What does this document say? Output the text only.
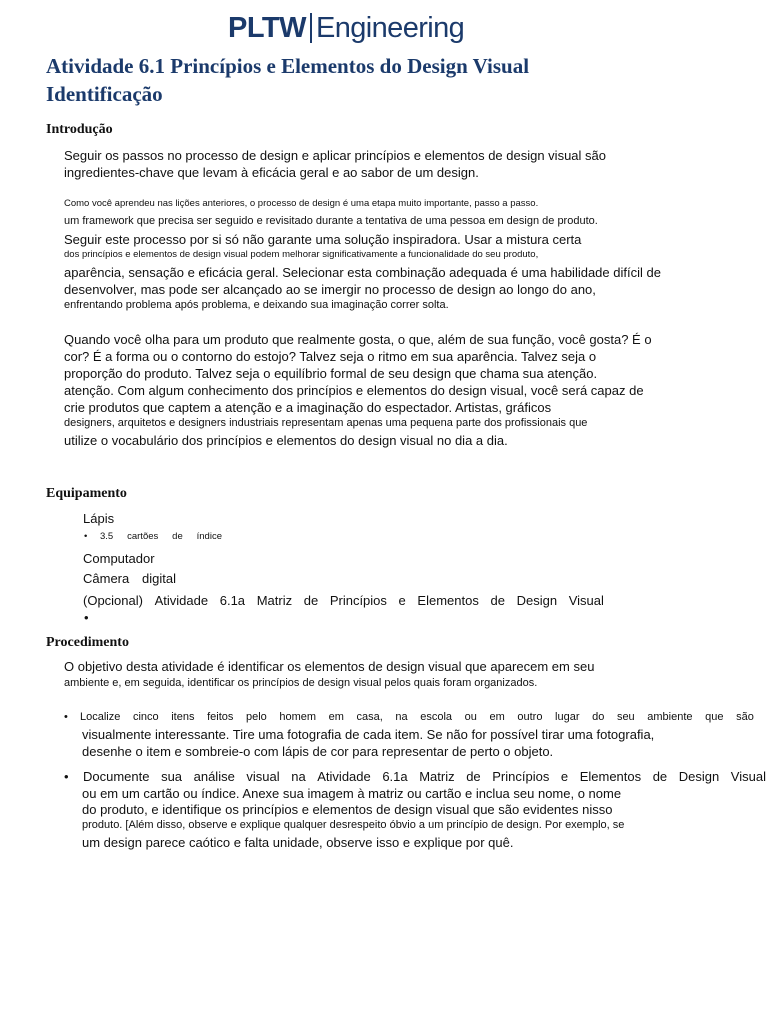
PLTW Engineering
Atividade 6.1 Princípios e Elementos do Design Visual
Identificação
Introdução
Seguir os passos no processo de design e aplicar princípios e elementos de design visual são
ingredientes-chave que levam à eficácia geral e ao sabor de um design.
Como você aprendeu nas lições anteriores, o processo de design é uma etapa muito importante, passo a passo.
um framework que precisa ser seguido e revisitado durante a tentativa de uma pessoa em design de produto.
Seguir este processo por si só não garante uma solução inspiradora. Usar a mistura certa
dos princípios e elementos de design visual podem melhorar significativamente a funcionalidade do seu produto,
aparência, sensação e eficácia geral. Selecionar esta combinação adequada é uma habilidade difícil de
desenvolver, mas pode ser alcançado ao se imergir no processo de design ao longo do ano,
enfrentando problema após problema, e deixando sua imaginação correr solta.
Quando você olha para um produto que realmente gosta, o que, além de sua função, você gosta? É o
cor? É a forma ou o contorno do estojo? Talvez seja o ritmo em sua aparência. Talvez seja o
proporção do produto. Talvez seja o equilíbrio formal de seu design que chama sua atenção.
atenção. Com algum conhecimento dos princípios e elementos do design visual, você será capaz de
crie produtos que captem a atenção e a imaginação do espectador. Artistas, gráficos
designers, arquitetos e designers industriais representam apenas uma pequena parte dos profissionais que
utilize o vocabulário dos princípios e elementos do design visual no dia a dia.
Equipamento
Lápis
• 3.5 cartões de índice
Computador
Câmera digital
(Opcional) Atividade 6.1a Matriz de Princípios e Elementos de Design Visual
•
Procedimento
O objetivo desta atividade é identificar os elementos de design visual que aparecem em seu
ambiente e, em seguida, identificar os princípios de design visual pelos quais foram organizados.
• Localize cinco itens feitos pelo homem em casa, na escola ou em outro lugar do seu ambiente que são
visualmente interessante. Tire uma fotografia de cada item. Se não for possível tirar uma fotografia,
desenhe o item e sombreie-o com lápis de cor para representar de perto o objeto.
• Documente sua análise visual na Atividade 6.1a Matriz de Princípios e Elementos de Design Visual
ou em um cartão ou índice. Anexe sua imagem à matriz ou cartão e inclua seu nome, o nome
do produto, e identifique os princípios e elementos de design visual que são evidentes nisso
produto. [Além disso, observe e explique qualquer desrespeito óbvio a um princípio de design. Por exemplo, se
um design parece caótico e falta unidade, observe isso e explique por quê.
